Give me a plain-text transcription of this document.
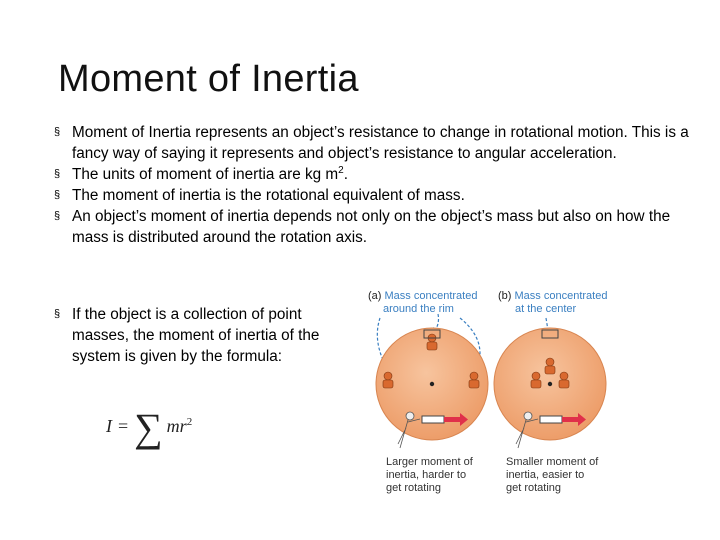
Moment of Inertia
§ Moment of Inertia represents an object’s resistance to change in rotational motion. This is a fancy way of saying it represents and object’s resistance to angular acceleration.
§ The units of moment of inertia are kg $m^2$.
§ The moment of inertia is the rotational equivalent of mass.
§ An object’s moment of inertia depends not only on the object’s mass but also on how the mass is distributed around the rotation axis.
§ If the object is a collection of point masses, the moment of inertia of the system is given by the formula:
I = ∑ $mr^2$
(a) Mass concentrated
around the rim
(b) Mass concentrated
at the center
Larger moment of
inertia, harder to
get rotating
Smaller moment of
inertia, easier to
get rotating
